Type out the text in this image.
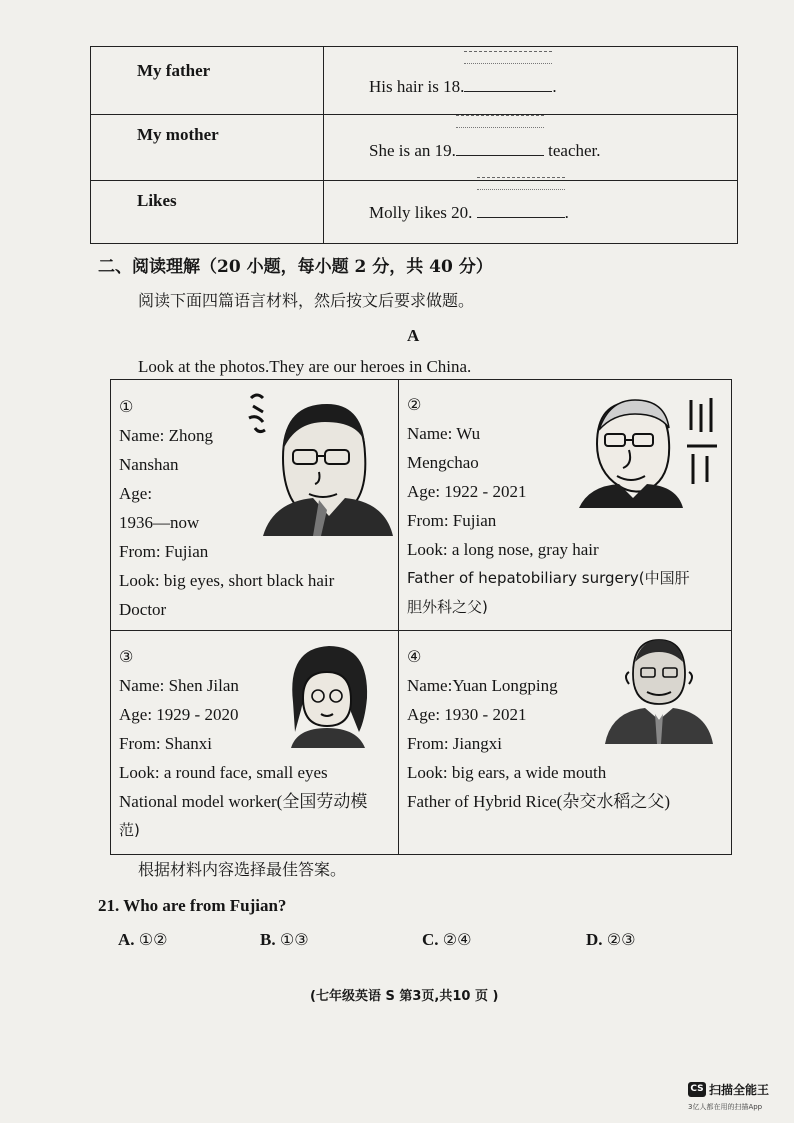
My father
His hair is 18.	.
My mother
She is an 19.	teacher.
Likes
Molly likes 20.	.
二、阅读理解（20 小题，每小题 2 分，共 40 分）
阅读下面四篇语言材料，然后按文后要求做题。
A
Look at the photos.They are our heroes in China.
①
Name: Zhong
Nanshan
Age:
1936—now
From: Fujian
Look: big eyes, short black hair
Doctor
②
Name: Wu
Mengchao
Age: 1922 - 2021
From: Fujian
Look: a long nose, gray hair
Father of hepatobiliary surgery(中国肝
胆外科之父)
③
Name: Shen Jilan
Age: 1929 - 2020
From: Shanxi
Look: a round face, small eyes
National model worker(全国劳动模
范)
④
Name:Yuan Longping
Age: 1930 - 2021
From: Jiangxi
Look: big ears, a wide mouth
Father of Hybrid Rice(杂交水稻之父)
根据材料内容选择最佳答案。
21. Who are from Fujian?
A. ①②	B. ①③	C. ②④	D. ②③
(七年级英语 S 第3页,共10 页 )
CS 扫描全能王
3亿人都在用的扫描App
